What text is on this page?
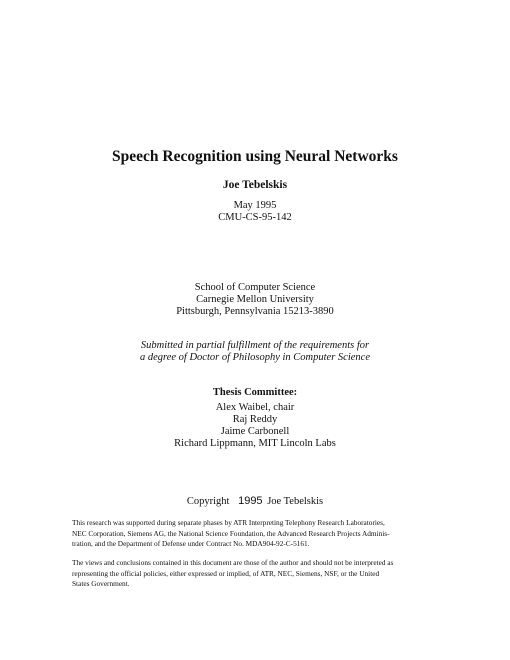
Speech Recognition using Neural Networks
Joe Tebelskis
May 1995
CMU-CS-95-142
School of Computer Science
Carnegie Mellon University
Pittsburgh, Pennsylvania 15213-3890
Submitted in partial fulfillment of the requirements for
a degree of Doctor of Philosophy in Computer Science
Thesis Committee:
Alex Waibel, chair
Raj Reddy
Jaime Carbonell
Richard Lippmann, MIT Lincoln Labs
Copyright 1995 Joe Tebelskis
This research was supported during separate phases by ATR Interpreting Telephony Research Laboratories,
NEC Corporation, Siemens AG, the National Science Foundation, the Advanced Research Projects Adminis-
tration, and the Department of Defense under Contract No. MDA904-92-C-5161.
The views and conclusions contained in this document are those of the author and should not be interpreted as
representing the official policies, either expressed or implied, of ATR, NEC, Siemens, NSF, or the United
States Government.
